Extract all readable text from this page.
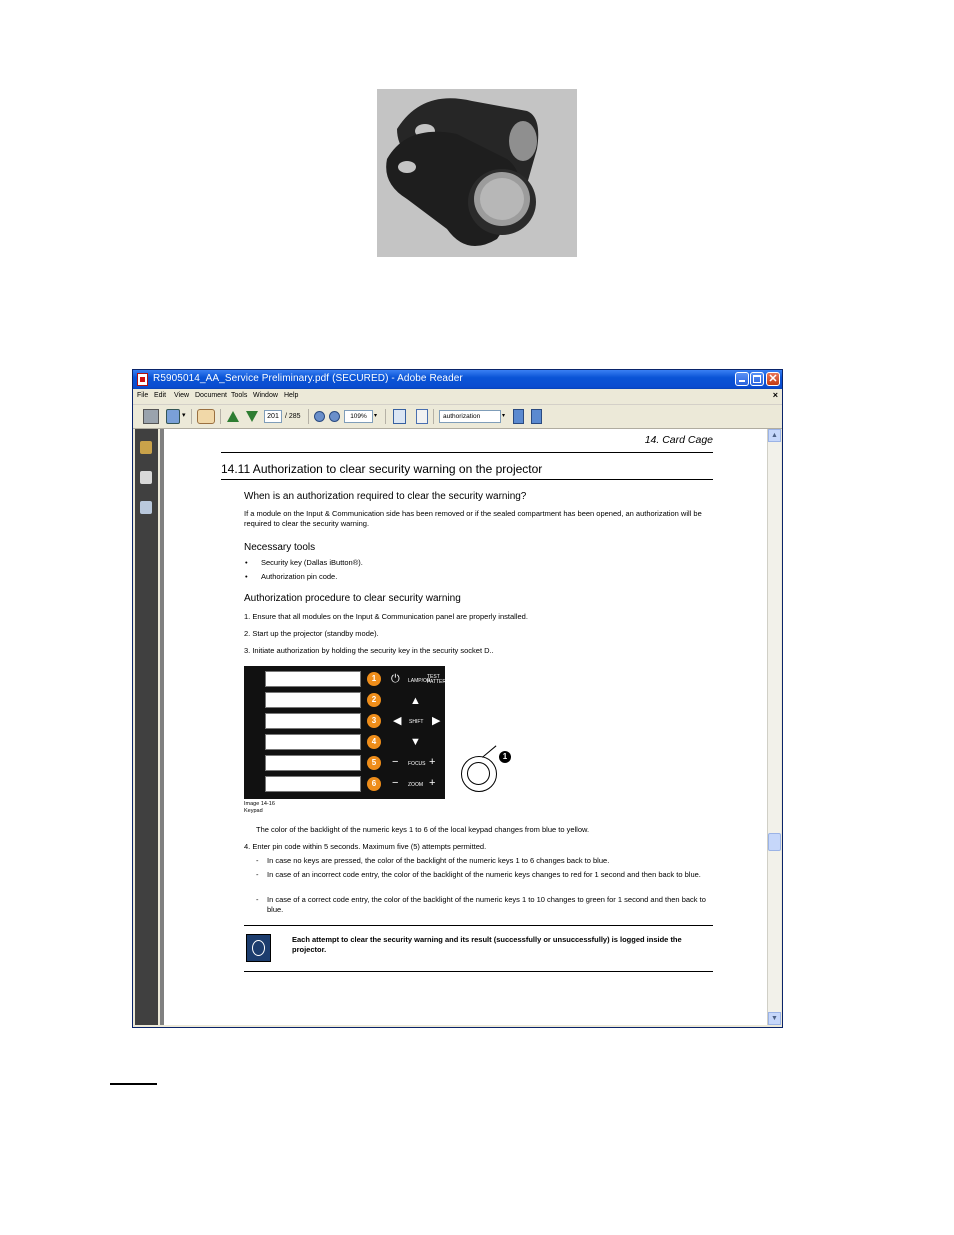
R5905014_AA_Service Preliminary.pdf (SECURED) - Adobe Reader	✕
File Edit View Document Tools Window Help	×
▾	201 / 285	109%	▾	authorization	▾
14. Card Cage
14.11 Authorization to clear security warning on the projector
When is an authorization required to clear the security warning?
If a module on the Input & Communication side has been removed or if the sealed compartment has been opened, an authorization will be required to clear the security warning.
Necessary tools
• Security key (Dallas iButton®).
• Authorization pin code.
Authorization procedure to clear security warning
1. Ensure that all modules on the Input & Communication panel are properly installed.
2. Start up the projector (standby mode).
3. Initiate authorization by holding the security key in the security socket D..
1
2
3
4
5
6
⏻ LAMP/OR
TEST PATTERN
▲
◀ SHIFT ▶
▼
− FOCUS +
− ZOOM +
1
Image 14-16
Keypad
The color of the backlight of the numeric keys 1 to 6 of the local keypad changes from blue to yellow.
4. Enter pin code within 5 seconds. Maximum five (5) attempts permitted.
- In case no keys are pressed, the color of the backlight of the numeric keys 1 to 6 changes back to blue.
- In case of an incorrect code entry, the color of the backlight of the numeric keys changes to red for 1 second and then back to blue.
- In case of a correct code entry, the color of the backlight of the numeric keys 1 to 10 changes to green for 1 second and then back to blue.
Each attempt to clear the security warning and its result (successfully or unsuccessfully) is logged inside the projector.
▲
▼
